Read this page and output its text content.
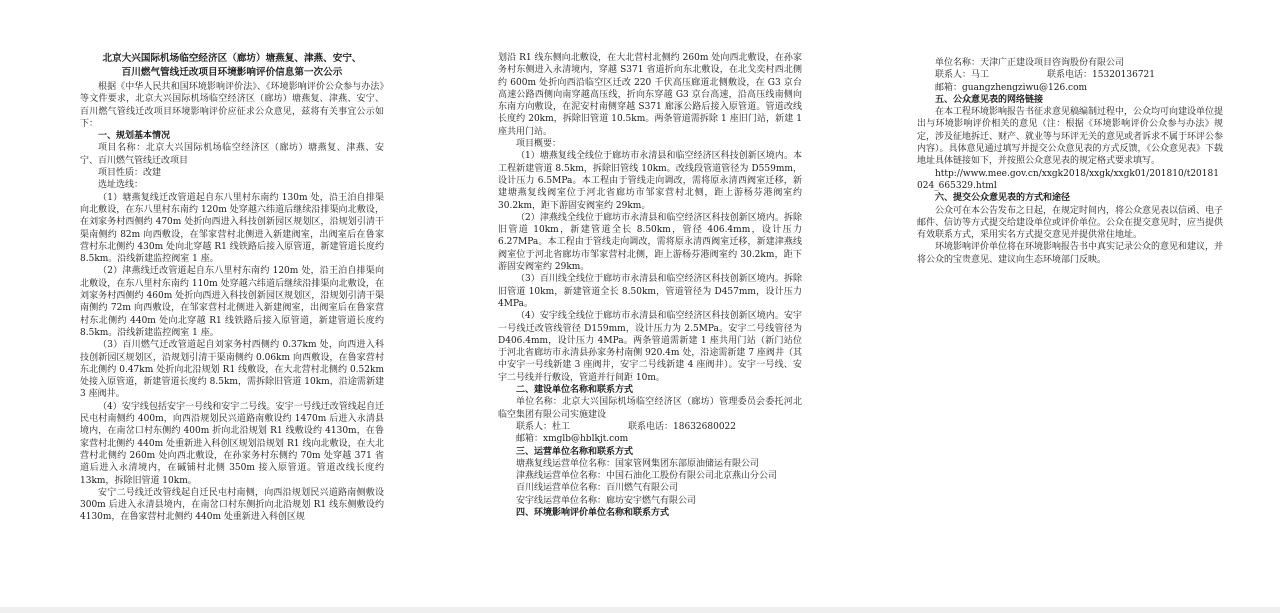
北京大兴国际机场临空经济区（廊坊）塘燕复、津燕、安宁、
百川燃气管线迁改项目环境影响评价信息第一次公示

根据《中华人民共和国环境影响评价法》、《环境影响评价公众参与办法》等文件要求，北京大兴国际机场临空经济区（廊坊）塘燕复、津燕、安宁、百川燃气管线迁改项目环境影响评价应征求公众意见，兹将有关事宜公示如下：

一、规划基本情况

项目名称：北京大兴国际机场临空经济区（廊坊）塘燕复、津燕、安宁、百川燃气管线迁改项目

项目性质：改建

选址选线：

（1）塘燕复线迁改管道起自东八里村东南约 130m 处，沿王泊自排渠向北敷设，在东八里村东南约 120m 处穿越六纬道后继续沿排渠向北敷设，在刘家务村西侧约 470m 处折向西进入科技创新园区规划区，沿规划引清干渠南侧约 82m 向西敷设，在邹家营村北侧进入新建阀室，出阀室后在鲁家营村东北侧约 430m 处向北穿越 R1 线铁路后接入原管道，新建管道长度约 8.5km。沿线新建监控阀室 1 座。

（2）津燕线迁改管道起自东八里村东南约 120m 处，沿王泊自排渠向北敷设，在东八里村东南约 110m 处穿越六纬道后继续沿排渠向北敷设，在刘家务村西侧约 460m 处折向西进入科技创新园区规划区，沿规划引清干渠南侧约 72m 向西敷设，在邹家营村北侧进入新建阀室，出阀室后在鲁家营村东北侧约 440m 处向北穿越 R1 线铁路后接入原管道，新建管道长度约 8.5km。沿线新建监控阀室 1 座。

（3）百川燃气迁改管道起自刘家务村西侧约 0.37km 处，向西进入科技创新园区规划区，沿规划引清干渠南侧约 0.06km 向西敷设，在鲁家营村东北侧约 0.47km 处折向北沿规划 R1 线敷设，在大北营村北侧约 0.52km 处接入原管道，新建管道长度约 8.5km，需拆除旧管道 10km，沿途需新建 3 座阀井。

（4）安宇线包括安宇一号线和安宇二号线。安宇一号线迁改管线起自迁民屯村南侧约 400m，向西沿规划民兴道路南敷设约 1470m 后进入永清县境内，在南岔口村东侧约 400m 折向北沿规划 R1 线敷设约 4130m，在鲁家营村北侧约 440m 处重新进入科创区规划沿规划 R1 线向北敷设，在大北营村北侧约 260m 处向西北敷设，在孙家务村东侧约 70m 处穿越 371 省道后进入永清境内，在碱铺村北侧 350m 接入原管道。管道改线长度约 13km，拆除旧管道 10km。

安宁二号线迁改管线起自迁民屯村南侧，向西沿规划民兴道路南侧敷设 300m 后进入永清县境内，在南岔口村东侧折向北沿规划 R1 线东侧敷设约 4130m，在鲁家营村北侧约 440m 处重新进入科创区规

划沿 R1 线东侧向北敷设，在大北营村北侧约 260m 处向西北敷设，在孙家务村东侧进入永清境内，穿越 S371 省道折向东北敷设，在北戈奕村西北侧约 600m 处折向西沿临空区迁改 220 千伏高压廊道北侧敷设，在 G3 京台高速公路西侧向南穿越高压线，折向东穿越 G3 京台高速，沿高压线南侧向东南方向敷设，在泥安村南侧穿越 S371 廊涿公路后接入原管道。管道改线长度约 20km，拆除旧管道 10.5km。两条管道需拆除 1 座旧门站，新建 1 座共用门站。

项目概要：

（1）塘燕复线全线位于廊坊市永清县和临空经济区科技创新区境内。本工程新建管道 8.5km，拆除旧管线 10km。改线段管道管径为 D559mm，设计压力 6.5MPa。本工程由于管线走向调改，需将原永清西阀室迁移，新建塘燕复线阀室位于河北省廊坊市邹家营村北侧，距上游杨芬港阀室约 30.2km，距下游固安阀室约 29km。

（2）津燕线全线位于廊坊市永清县和临空经济区科技创新区境内。拆除旧管道 10km，新建管道全长 8.50km，管径 406.4mm，设计压力 6.27MPa。本工程由于管线走向调改，需将原永清西阀室迁移，新建津燕线阀室位于河北省廊坊市邹家营村北侧，距上游杨芬港阀室约 30.2km，距下游固安阀室约 29km。

（3）百川线全线位于廊坊市永清县和临空经济区科技创新区境内。拆除旧管道 10km，新建管道全长 8.50km，管道管径为 D457mm，设计压力 4MPa。

（4）安宇线全线位于廊坊市永清县和临空经济区科技创新区境内。安宇一号线迁改管线管径 D159mm，设计压力为 2.5MPa。安宇二号线管径为 D406.4mm，设计压力 4MPa。两条管道需新建 1 座共用门站（新门站位于河北省廊坊市永清县孙家务村南侧 920.4m 处，沿途需新建 7 座阀井（其中安宇一号线新建 3 座阀井，安宇二号线新建 4 座阀井）。安宇一号线、安宇二号线并行敷设，管道并行间距 10m。

二、建设单位名称和联系方式

单位名称：北京大兴国际机场临空经济区（廊坊）管理委员会委托河北临空集团有限公司实施建设

联系人：杜工	联系电话：18632680022

邮箱：xmglb@hblkjt.com

三、运营单位名称和联系方式

塘燕复线运营单位名称：国家管网集团东部原油储运有限公司

津燕线运营单位名称：中国石油化工股份有限公司北京燕山分公司

百川线运营单位名称：百川燃气有限公司

安宇线运营单位名称：廊坊安宇燃气有限公司

四、环境影响评价单位名称和联系方式

单位名称：天津广正建设项目咨询股份有限公司

联系人：马工	联系电话：15320136721

邮箱：guangzhengziwu@126.com

五、公众意见表的网络链接

在本工程环境影响报告书征求意见稿编制过程中，公众均可向建设单位提出与环境影响评价相关的意见（注：根据《环境影响评价公众参与办法》规定，涉及征地拆迁、财产、就业等与环评无关的意见或者诉求不属于环评公参内容）。具体意见通过填写并提交公众意见表的方式反馈，《公众意见表》下载地址具体链接如下，并按照公众意见表的规定格式要求填写。

http://www.mee.gov.cn/xxgk2018/xxgk/xxgk01/201810/t20181024_665329.html

六、提交公众意见表的方式和途径

公众可在本公告发布之日起，在规定时间内，将公众意见表以信函、电子邮件、信访等方式提交给建设单位或评价单位。公众在提交意见时，应当提供有效联系方式，采用实名方式提交意见并提供常住地址。

环境影响评价单位将在环境影响报告书中真实记录公众的意见和建议，并将公众的宝贵意见、建议向生态环境部门反映。
